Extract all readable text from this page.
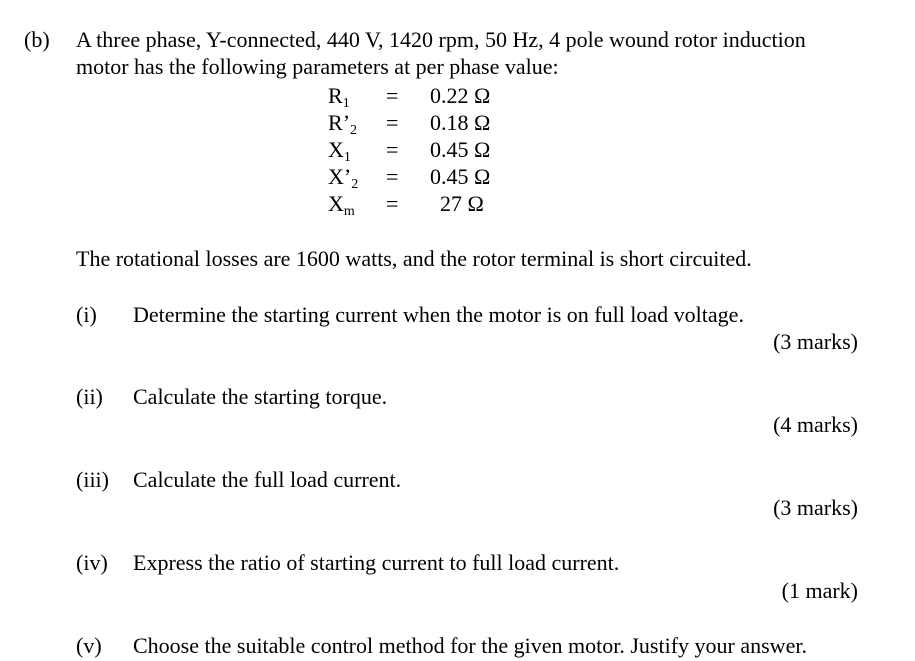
(b) A three phase, Y-connected, 440 V, 1420 rpm, 50 Hz, 4 pole wound rotor induction
motor has the following parameters at per phase value:
$R_1 = 0.22$ Ω
$R’_2 = 0.18$ Ω
$X_1 = 0.45$ Ω
$X’_2 = 0.45$ Ω
$X_m = 27$ Ω
The rotational losses are 1600 watts, and the rotor terminal is short circuited.
(i) Determine the starting current when the motor is on full load voltage.
(3 marks)
(ii) Calculate the starting torque.
(4 marks)
(iii) Calculate the full load current.
(3 marks)
(iv) Express the ratio of starting current to full load current.
(1 mark)
(v) Choose the suitable control method for the given motor. Justify your answer.
